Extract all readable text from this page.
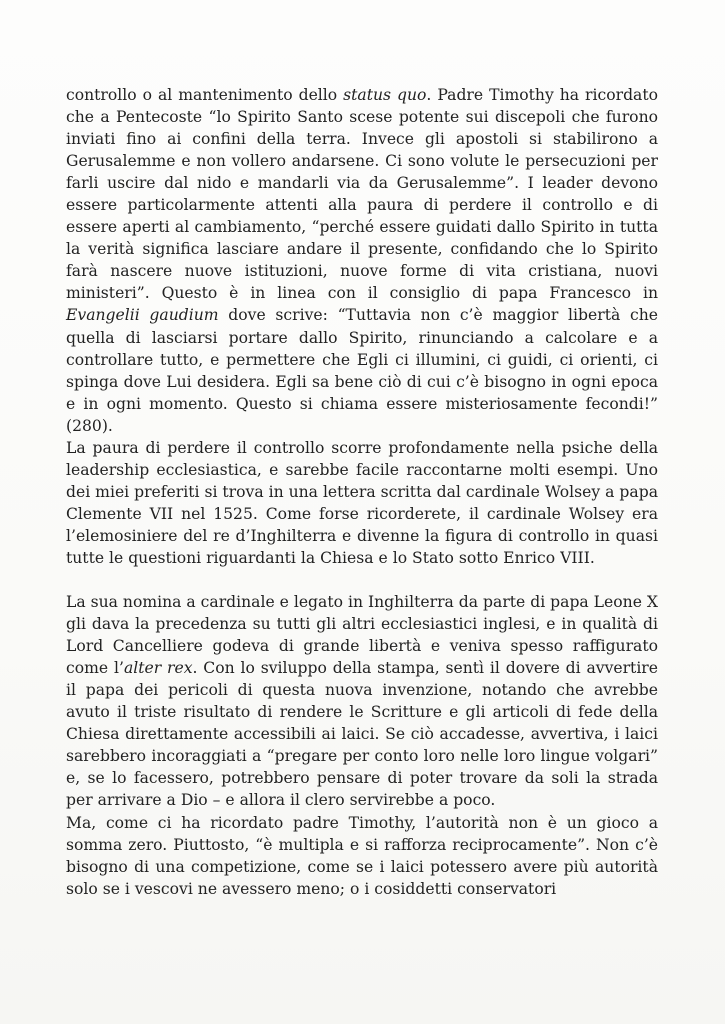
controllo o al mantenimento dello status quo. Padre Timothy ha ricordato che a Pentecoste “lo Spirito Santo scese potente sui discepoli che furono inviati fino ai confini della terra. Invece gli apostoli si stabilirono a Gerusalemme e non vollero andarsene. Ci sono volute le persecuzioni per farli uscire dal nido e mandarli via da Gerusalemme”. I leader devono essere particolarmente attenti alla paura di perdere il controllo e di essere aperti al cambiamento, “perché essere guidati dallo Spirito in tutta la verità significa lasciare andare il presente, confidando che lo Spirito farà nascere nuove istituzioni, nuove forme di vita cristiana, nuovi ministeri”. Questo è in linea con il consiglio di papa Francesco in Evangelii gaudium dove scrive: “Tuttavia non c’è maggior libertà che quella di lasciarsi portare dallo Spirito, rinunciando a calcolare e a controllare tutto, e permettere che Egli ci illumini, ci guidi, ci orienti, ci spinga dove Lui desidera. Egli sa bene ciò di cui c’è bisogno in ogni epoca e in ogni momento. Questo si chiama essere misteriosamente fecondi!” (280).

La paura di perdere il controllo scorre profondamente nella psiche della leadership ecclesiastica, e sarebbe facile raccontarne molti esempi. Uno dei miei preferiti si trova in una lettera scritta dal cardinale Wolsey a papa Clemente VII nel 1525. Come forse ricorderete, il cardinale Wolsey era l’elemosiniere del re d’Inghilterra e divenne la figura di controllo in quasi tutte le questioni riguardanti la Chiesa e lo Stato sotto Enrico VIII.

La sua nomina a cardinale e legato in Inghilterra da parte di papa Leone X gli dava la precedenza su tutti gli altri ecclesiastici inglesi, e in qualità di Lord Cancelliere godeva di grande libertà e veniva spesso raffigurato come l’alter rex. Con lo sviluppo della stampa, sentì il dovere di avvertire il papa dei pericoli di questa nuova invenzione, notando che avrebbe avuto il triste risultato di rendere le Scritture e gli articoli di fede della Chiesa direttamente accessibili ai laici. Se ciò accadesse, avvertiva, i laici sarebbero incoraggiati a “pregare per conto loro nelle loro lingue volgari” e, se lo facessero, potrebbero pensare di poter trovare da soli la strada per arrivare a Dio – e allora il clero servirebbe a poco.

Ma, come ci ha ricordato padre Timothy, l’autorità non è un gioco a somma zero. Piuttosto, “è multipla e si rafforza reciprocamente”. Non c’è bisogno di una competizione, come se i laici potessero avere più autorità solo se i vescovi ne avessero meno; o i cosiddetti conservatori
